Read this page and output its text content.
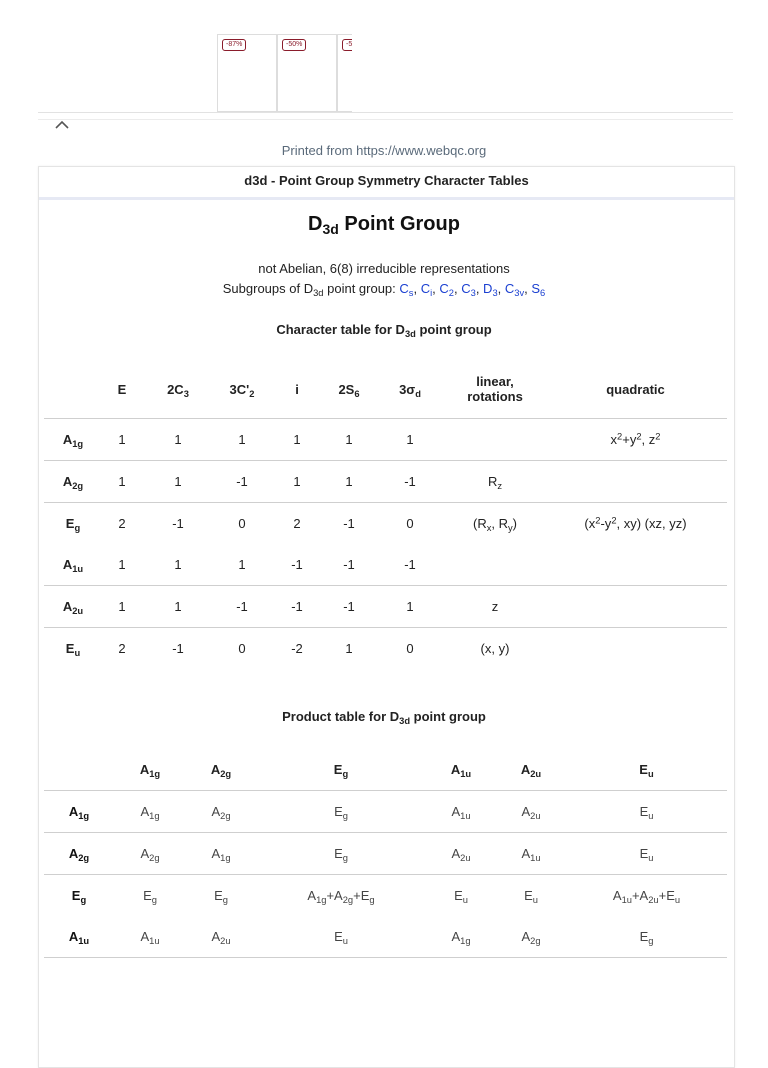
-87%	-50%	-5
Printed from https://www.webqc.org
d3d - Point Group Symmetry Character Tables
$D_{3d}$ Point Group
not Abelian, 6(8) irreducible representations
Subgroups of $D_{3d}$ point group: $C_s$, $C_i$, $C_2$, $C_3$, $D_3$, $C_{3v}$, $S_6$
Character table for $D_{3d}$ point group
	E	$2C_3$	$3C'_2$	i	$2S_6$	$3\sigma_d$	linear,
rotations	quadratic
$A_{1g}$	1	1	1	1	1	1		$x^2+y^2$, $z^2$
$A_{2g}$	1	1	-1	1	1	-1	$R_z$	
$E_g$	2	-1	0	2	-1	0	($R_x$, $R_y$)	($x^2-y^2$, xy) (xz, yz)
$A_{1u}$	1	1	1	-1	-1	-1		
$A_{2u}$	1	1	-1	-1	-1	1	z	
$E_u$	2	-1	0	-2	1	0	(x, y)	
Product table for $D_{3d}$ point group
	$A_{1g}$	$A_{2g}$	$E_g$	$A_{1u}$	$A_{2u}$	$E_u$
$A_{1g}$	$A_{1g}$	$A_{2g}$	$E_g$	$A_{1u}$	$A_{2u}$	$E_u$
$A_{2g}$	$A_{2g}$	$A_{1g}$	$E_g$	$A_{2u}$	$A_{1u}$	$E_u$
$E_g$	$E_g$	$E_g$	$A_{1g}+A_{2g}+E_g$	$E_u$	$E_u$	$A_{1u}+A_{2u}+E_u$
$A_{1u}$	$A_{1u}$	$A_{2u}$	$E_u$	$A_{1g}$	$A_{2g}$	$E_g$
